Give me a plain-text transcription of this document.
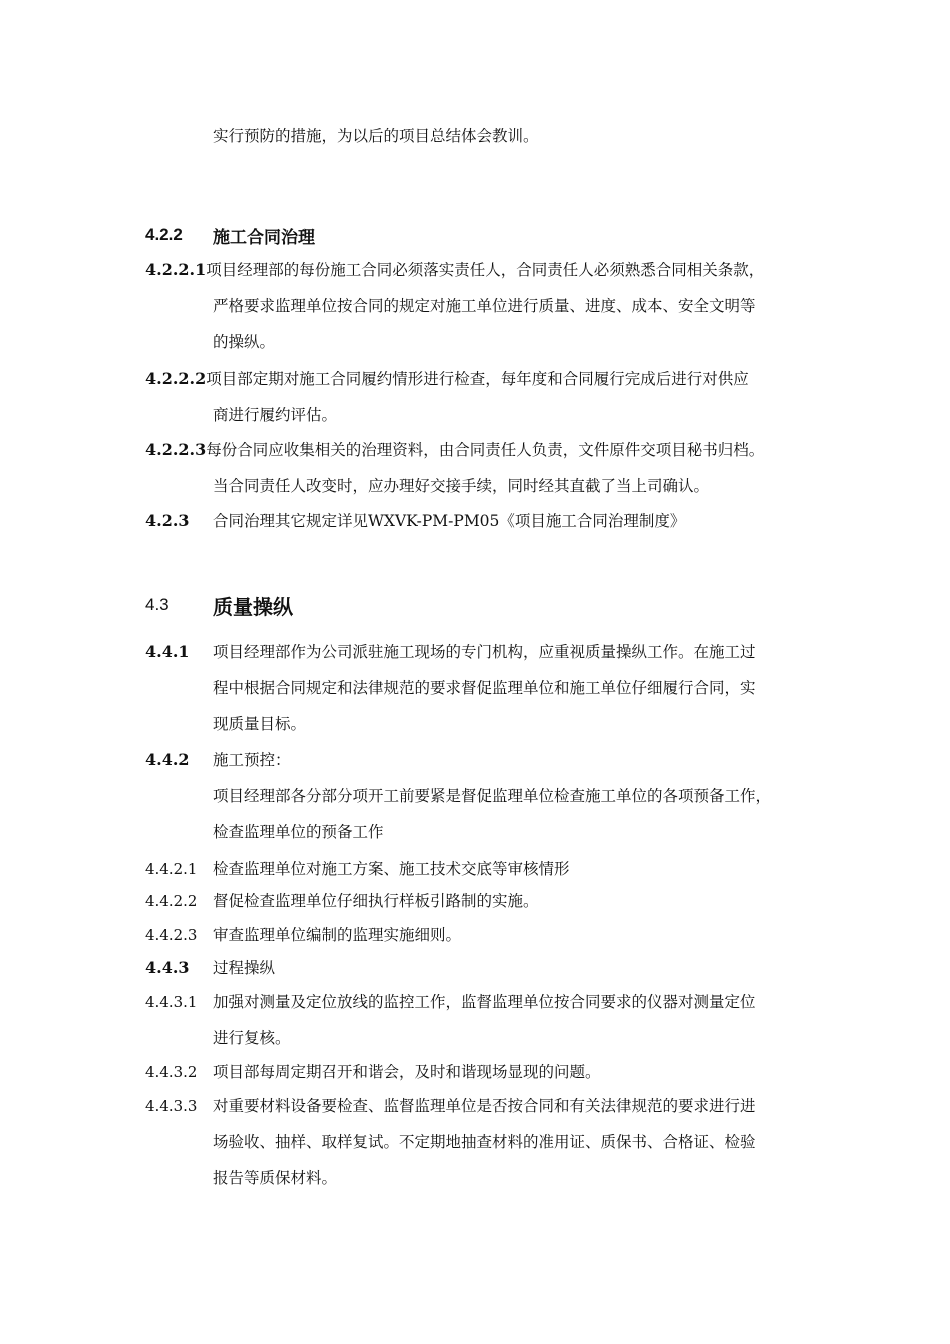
实行预防的措施，为以后的项目总结体会教训。
4.2.2	施工合同治理
4.2.2.1 项目经理部的每份施工合同必须落实责任人，合同责任人必须熟悉合同相关条款，
严格要求监理单位按合同的规定对施工单位进行质量、进度、成本、安全文明等
的操纵。
4.2.2.2 项目部定期对施工合同履约情形进行检查，每年度和合同履行完成后进行对供应
商进行履约评估。
4.2.2.3 每份合同应收集相关的治理资料，由合同责任人负责，文件原件交项目秘书归档。
当合同责任人改变时，应办理好交接手续，同时经其直截了当上司确认。
4.2.3	合同治理其它规定详见WXVK-PM-PM05《项目施工合同治理制度》
4.3	质量操纵
4.4.1	项目经理部作为公司派驻施工现场的专门机构，应重视质量操纵工作。在施工过
程中根据合同规定和法律规范的要求督促监理单位和施工单位仔细履行合同，实
现质量目标。
4.4.2	施工预控：
项目经理部各分部分项开工前要紧是督促监理单位检查施工单位的各项预备工作，
检查监理单位的预备工作
4.4.2.1	检查监理单位对施工方案、施工技术交底等审核情形
4.4.2.2	督促检查监理单位仔细执行样板引路制的实施。
4.4.2.3	审查监理单位编制的监理实施细则。
4.4.3	过程操纵
4.4.3.1	加强对测量及定位放线的监控工作，监督监理单位按合同要求的仪器对测量定位
进行复核。
4.4.3.2	项目部每周定期召开和谐会，及时和谐现场显现的问题。
4.4.3.3	对重要材料设备要检查、监督监理单位是否按合同和有关法律规范的要求进行进
场验收、抽样、取样复试。不定期地抽查材料的准用证、质保书、合格证、检验
报告等质保材料。
